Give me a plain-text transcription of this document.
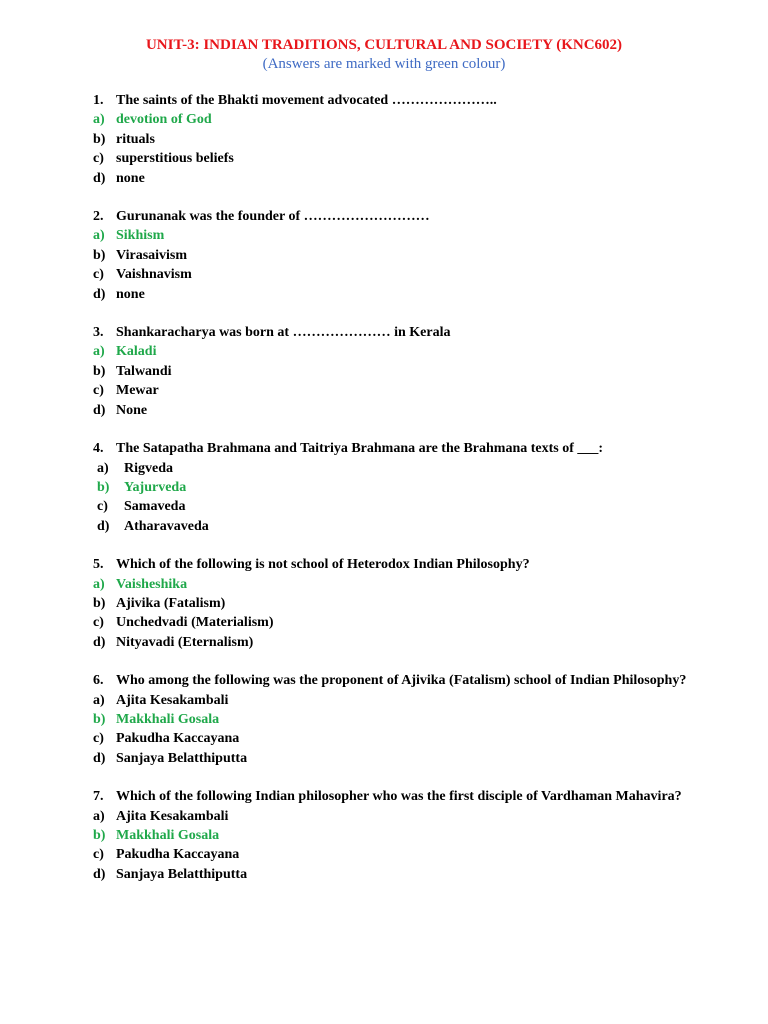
UNIT-3: INDIAN TRADITIONS, CULTURAL AND SOCIETY (KNC602)
(Answers are marked with green colour)
1. The saints of the Bhakti movement advocated …………………..
a) devotion of God
b) rituals
c) superstitious beliefs
d) none
2. Gurunanak was the founder of ………………………
a) Sikhism
b) Virasaivism
c) Vaishnavism
d) none
3. Shankaracharya was born at ………………… in Kerala
a) Kaladi
b) Talwandi
c) Mewar
d) None
4. The Satapatha Brahmana and Taitriya Brahmana are the Brahmana texts of ___:
a)	Rigveda
b)	Yajurveda
c)	Samaveda
d)	Atharavaveda
5. Which of the following is not school of Heterodox Indian Philosophy?
a) Vaisheshika
b) Ajivika (Fatalism)
c) Unchedvadi (Materialism)
d) Nityavadi (Eternalism)
6. Who among the following was the proponent of Ajivika (Fatalism) school of Indian Philosophy?
a) Ajita Kesakambali
b) Makkhali Gosala
c) Pakudha Kaccayana
d) Sanjaya Belatthiputta
7. Which of the following Indian philosopher who was the first disciple of Vardhaman Mahavira?
a) Ajita Kesakambali
b) Makkhali Gosala
c) Pakudha Kaccayana
d) Sanjaya Belatthiputta
